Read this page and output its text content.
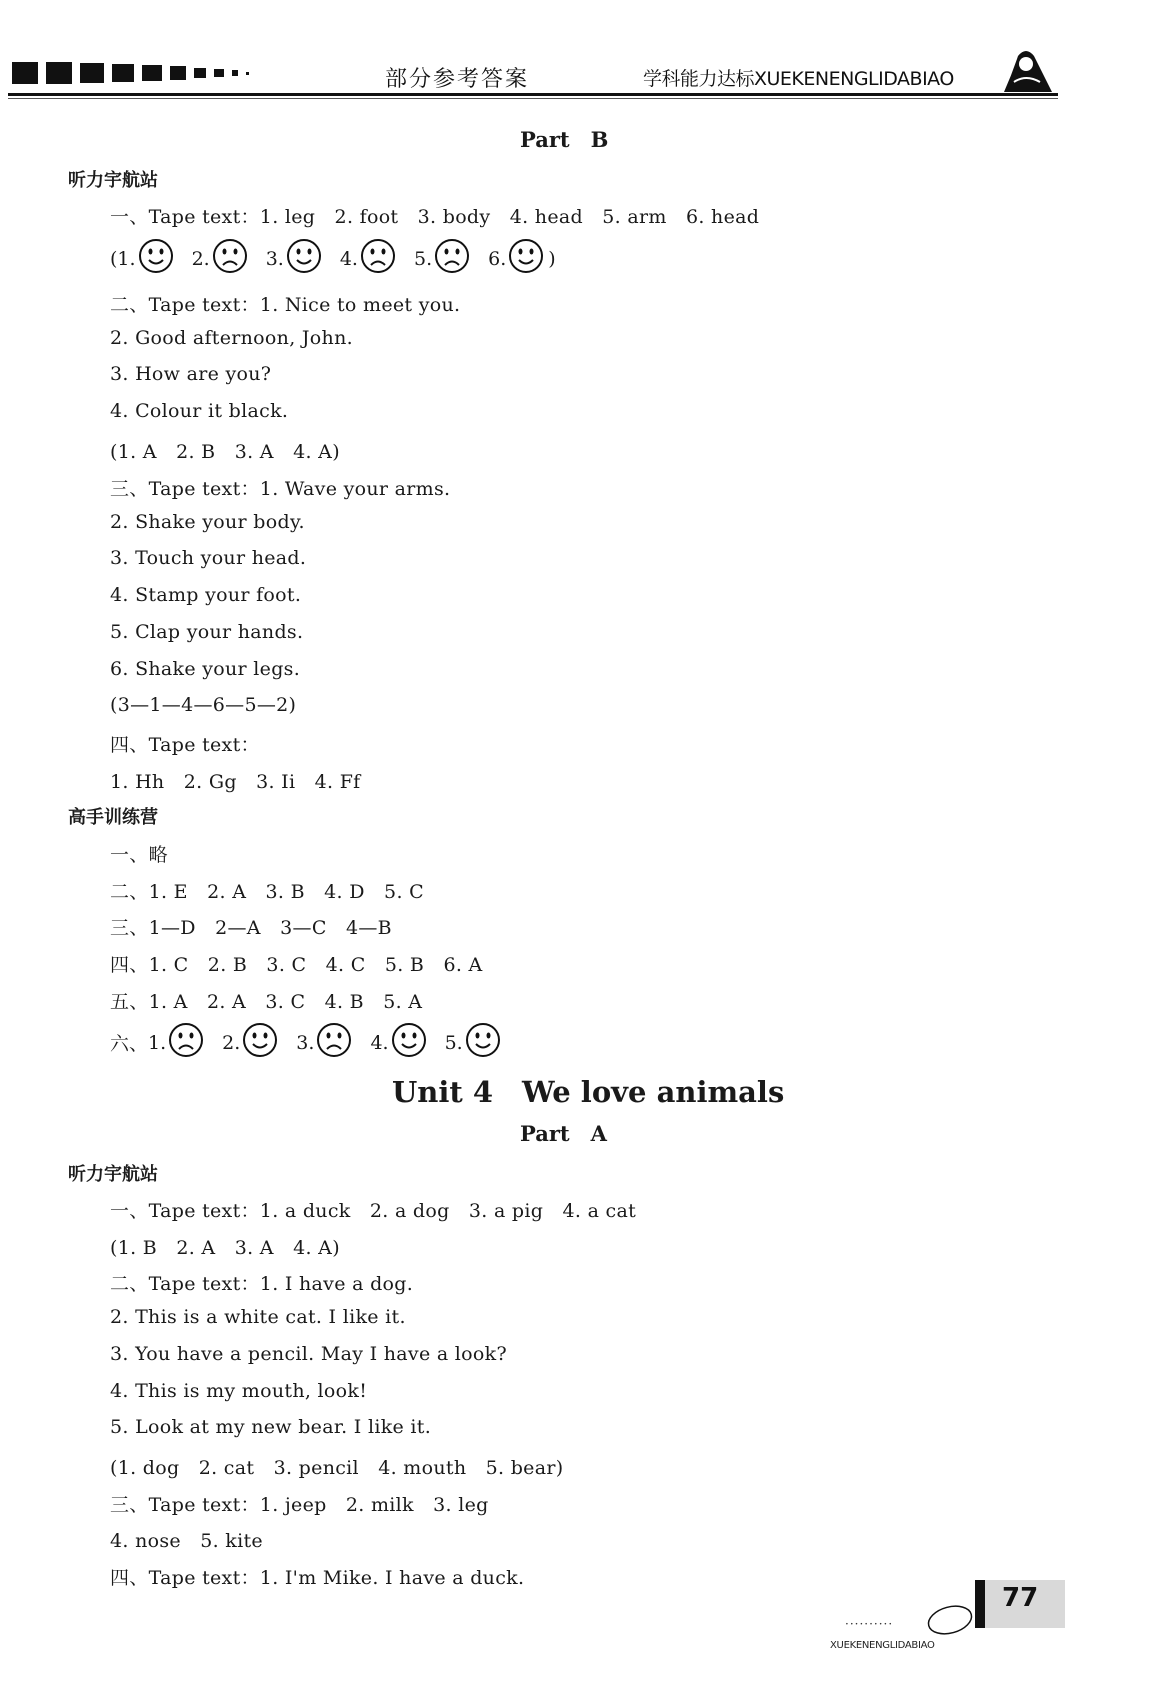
部分参考答案	学科能力达标XUEKENENGLIDABIAO
Part　B
听力宇航站
一、Tape text：1. leg　2. foot　3. body　4. head　5. arm　6. head
( 1.	2.	3.	4.	5.	6. )
二、Tape text：1. Nice to meet you.
2. Good afternoon, John.
3. How are you?
4. Colour it black.
(1. A　2. B　3. A　4. A)
三、Tape text：1. Wave your arms.
2. Shake your body.
3. Touch your head.
4. Stamp your foot.
5. Clap your hands.
6. Shake your legs.
(3—1—4—6—5—2)
四、Tape text：
1. Hh　2. Gg　3. Ii　4. Ff
高手训练营
一、略
二、1. E　2. A　3. B　4. D　5. C
三、1—D　2—A　3—C　4—B
四、1. C　2. B　3. C　4. C　5. B　6. A
五、1. A　2. A　3. C　4. B　5. A
六、 1.	2.	3.	4.	5.
Unit 4　We love animals
Part　A
听力宇航站
一、Tape text：1. a duck　2. a dog　3. a pig　4. a cat
(1. B　2. A　3. A　4. A)
二、Tape text：1. I have a dog.
2. This is a white cat. I like it.
3. You have a pencil. May I have a look?
4. This is my mouth, look!
5. Look at my new bear. I like it.
(1. dog　2. cat　3. pencil　4. mouth　5. bear)
三、Tape text：1. jeep　2. milk　3. leg
4. nose　5. kite
四、Tape text：1. I'm Mike. I have a duck.
··········
XUEKENENGLIDABIAO
77
